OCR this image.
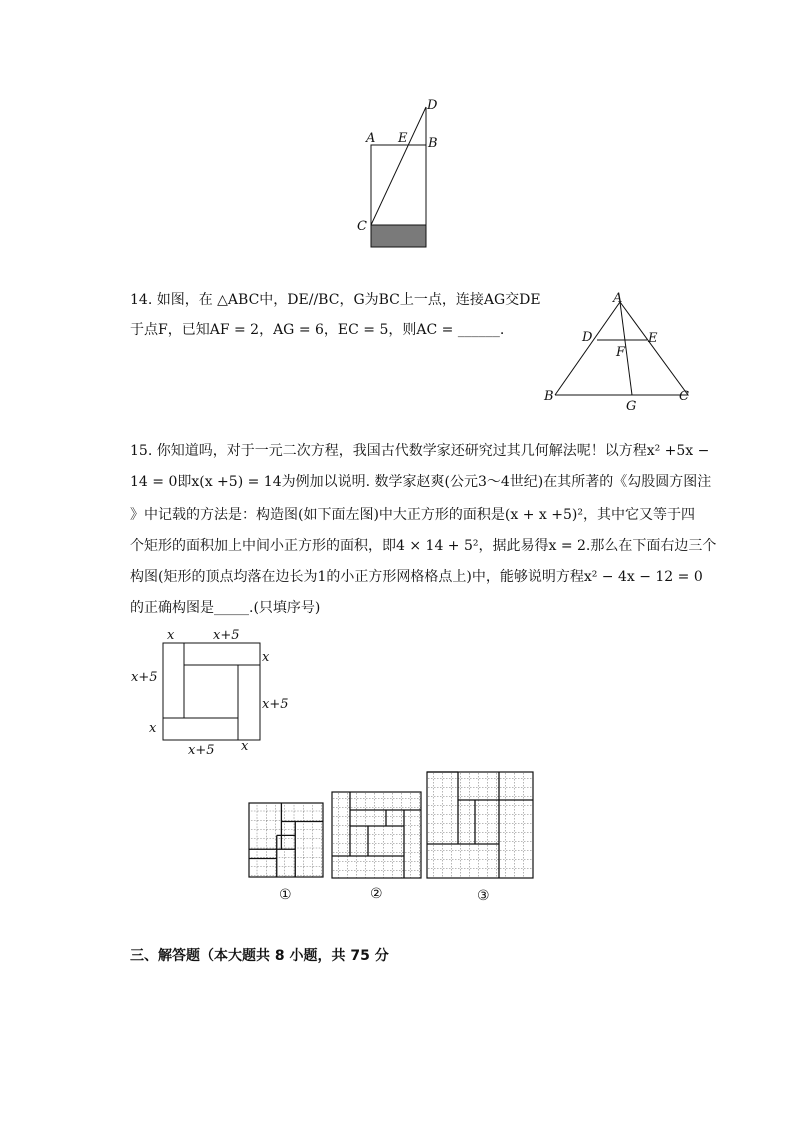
D
A E B
C
14. 如图，在 △ABC中，DE//BC，G为BC上一点，连接AG交DE
于点F，已知AF = 2，AG = 6，EC = 5，则AC = ______.
A
D	E
F
B
G
C
15. 你知道吗，对于一元二次方程，我国古代数学家还研究过其几何解法呢！以方程x² +5x −
14 = 0即x(x +5) = 14为例加以说明. 数学家赵爽(公元3～4世纪)在其所著的《勾股圆方图注
》中记载的方法是：构造图(如下面左图)中大正方形的面积是(x + x +5)²，其中它又等于四
个矩形的面积加上中间小正方形的面积，即4 × 14 + 5²，据此易得x = 2.那么在下面右边三个
构图(矩形的顶点均落在边长为1的小正方形网格格点上)中，能够说明方程x² − 4x − 12 = 0
的正确构图是_____.(只填序号)
x	x+5
x
x+5
x+5
x
x+5 x
①	②	③
三、解答题（本大题共 8 小题，共 75 分
